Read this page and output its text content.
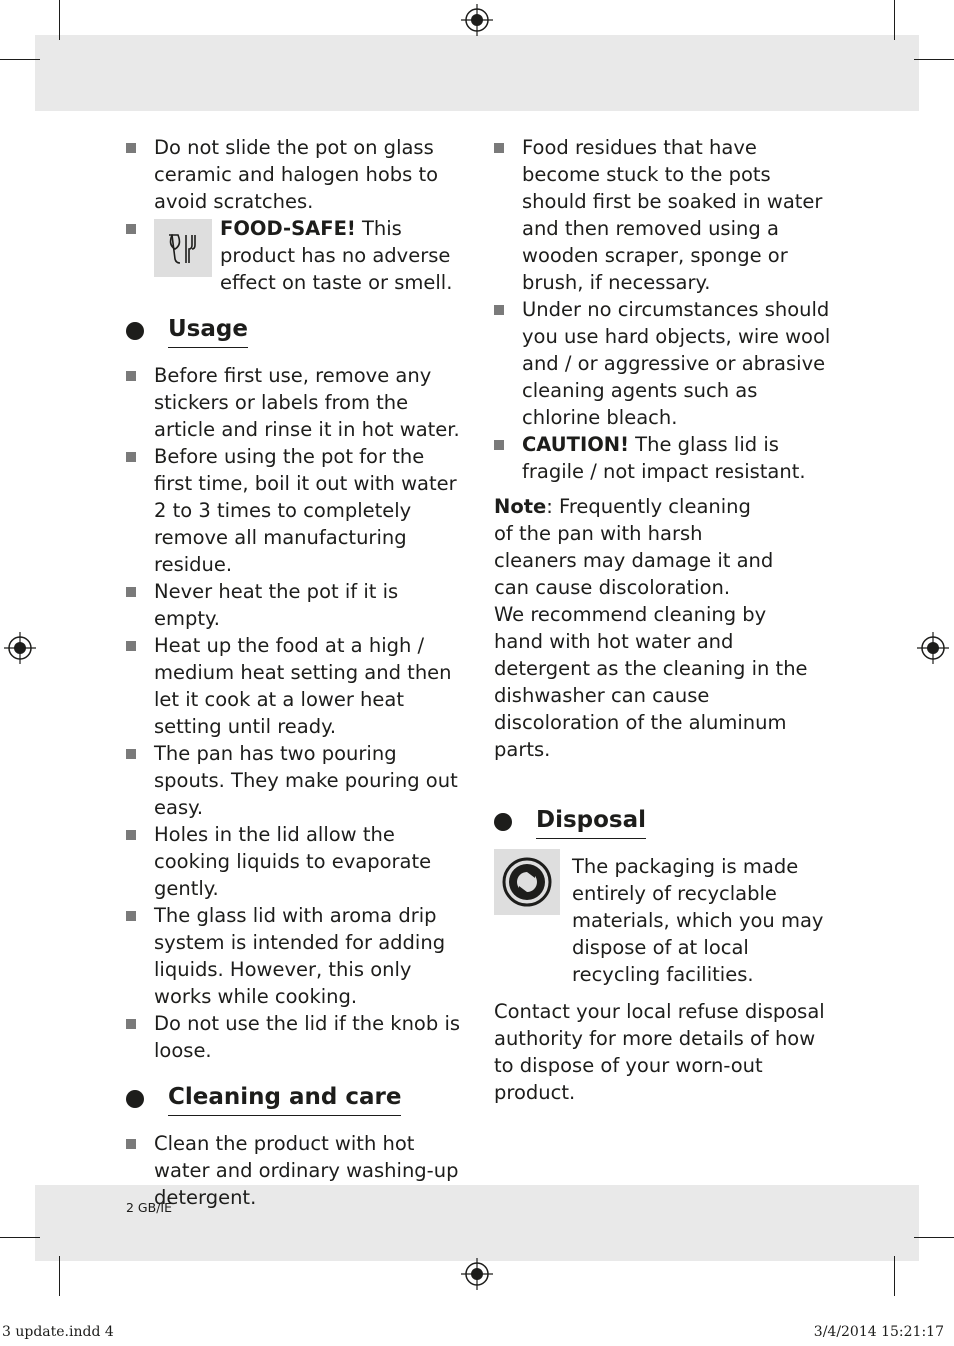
Do not slide the pot on glass ceramic and halogen hobs to avoid scratches.

FOOD-SAFE! This product has no adverse effect on taste or smell.

Usage
Before first use, remove any stickers or labels from the article and rinse it in hot water.
Before using the pot for the first time, boil it out with water 2 to 3 times to completely remove all manufacturing residue.
Never heat the pot if it is empty.
Heat up the food at a high / medium heat setting and then let it cook at a lower heat setting until ready.
The pan has two pouring spouts. They make pouring out easy.
Holes in the lid allow the cooking liquids to evaporate gently.
The glass lid with aroma drip system is intended for adding liquids. However, this only works while cooking.
Do not use the lid if the knob is loose.
Cleaning and care
Clean the product with hot water and ordinary washing-up detergent.
Food residues that have become stuck to the pots should first be soaked in water and then removed using a wooden scraper, sponge or brush, if necessary.
Under no circumstances should you use hard objects, wire wool and / or aggressive or abrasive cleaning agents such as chlorine bleach.
CAUTION! The glass lid is fragile / not impact resistant.

Note: Frequently cleaning of the pan with harsh cleaners may damage it and can cause discoloration.

We recommend cleaning by hand with hot water and detergent as the cleaning in the dishwasher can cause discoloration of the aluminum parts.

Disposal

The packaging is made entirely of recyclable materials, which you may dispose of at local recycling facilities.

Contact your local refuse disposal authority for more details of how to dispose of your worn-out product.

2 GB/IE
3 update.indd 4	3/4/2014 15:21:17
